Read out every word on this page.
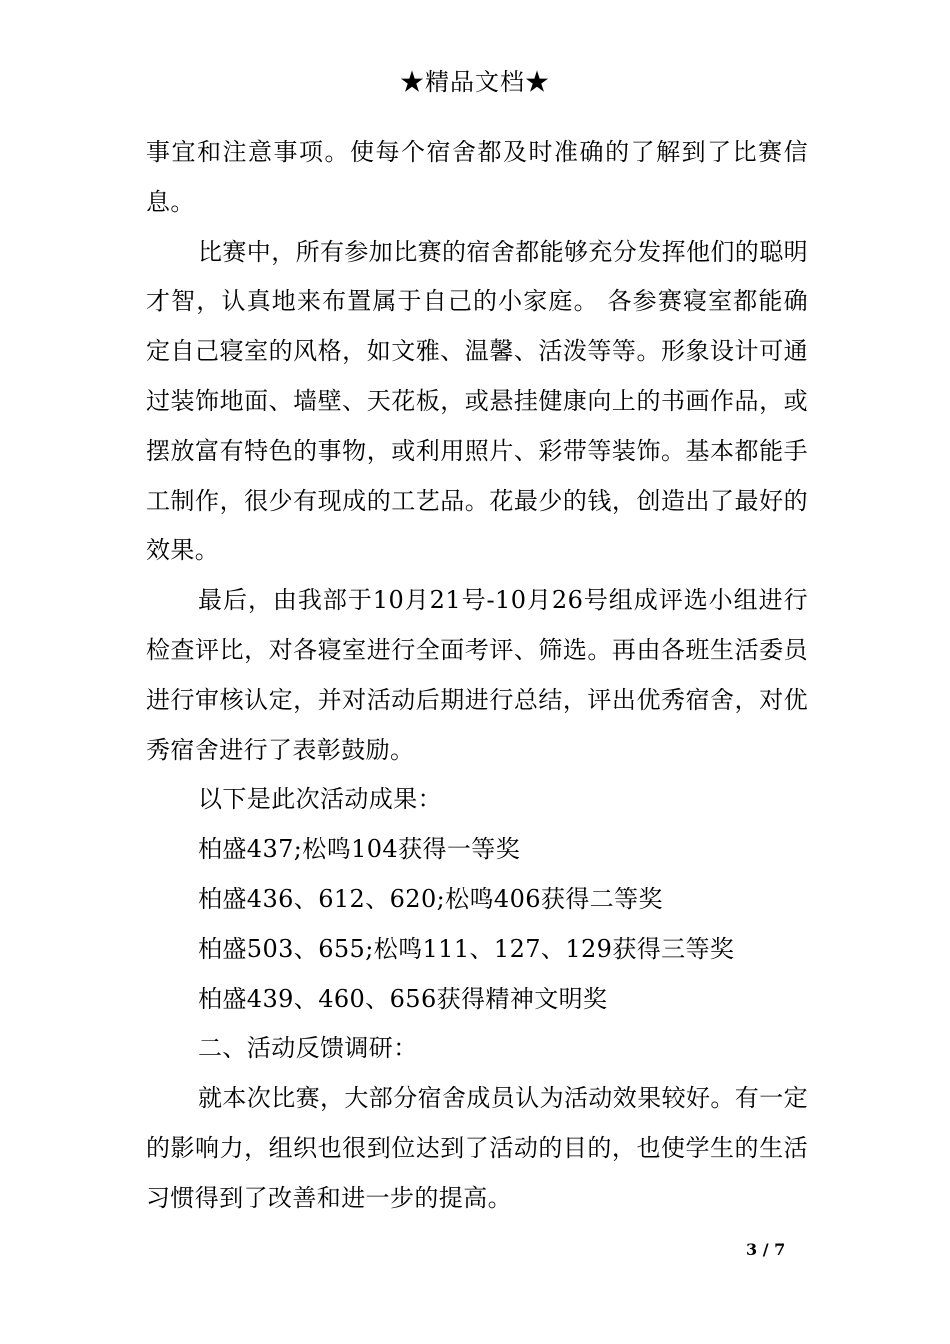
★精品文档★

事宜和注意事项。使每个宿舍都及时准确的了解到了比赛信息。

比赛中，所有参加比赛的宿舍都能够充分发挥他们的聪明才智，认真地来布置属于自己的小家庭。 各参赛寝室都能确定自己寝室的风格，如文雅、温馨、活泼等等。形象设计可通过装饰地面、墙壁、天花板，或悬挂健康向上的书画作品，或摆放富有特色的事物，或利用照片、彩带等装饰。基本都能手工制作，很少有现成的工艺品。花最少的钱，创造出了最好的效果。

最后，由我部于10月21号-10月26号组成评选小组进行检查评比，对各寝室进行全面考评、筛选。再由各班生活委员进行审核认定，并对活动后期进行总结，评出优秀宿舍，对优秀宿舍进行了表彰鼓励。

以下是此次活动成果：

柏盛437;松鸣104获得一等奖

柏盛436、612、620;松鸣406获得二等奖

柏盛503、655;松鸣111、127、129获得三等奖

柏盛439、460、656获得精神文明奖

二、活动反馈调研：

就本次比赛，大部分宿舍成员认为活动效果较好。有一定的影响力，组织也很到位达到了活动的目的，也使学生的生活习惯得到了改善和进一步的提高。

3 / 7
